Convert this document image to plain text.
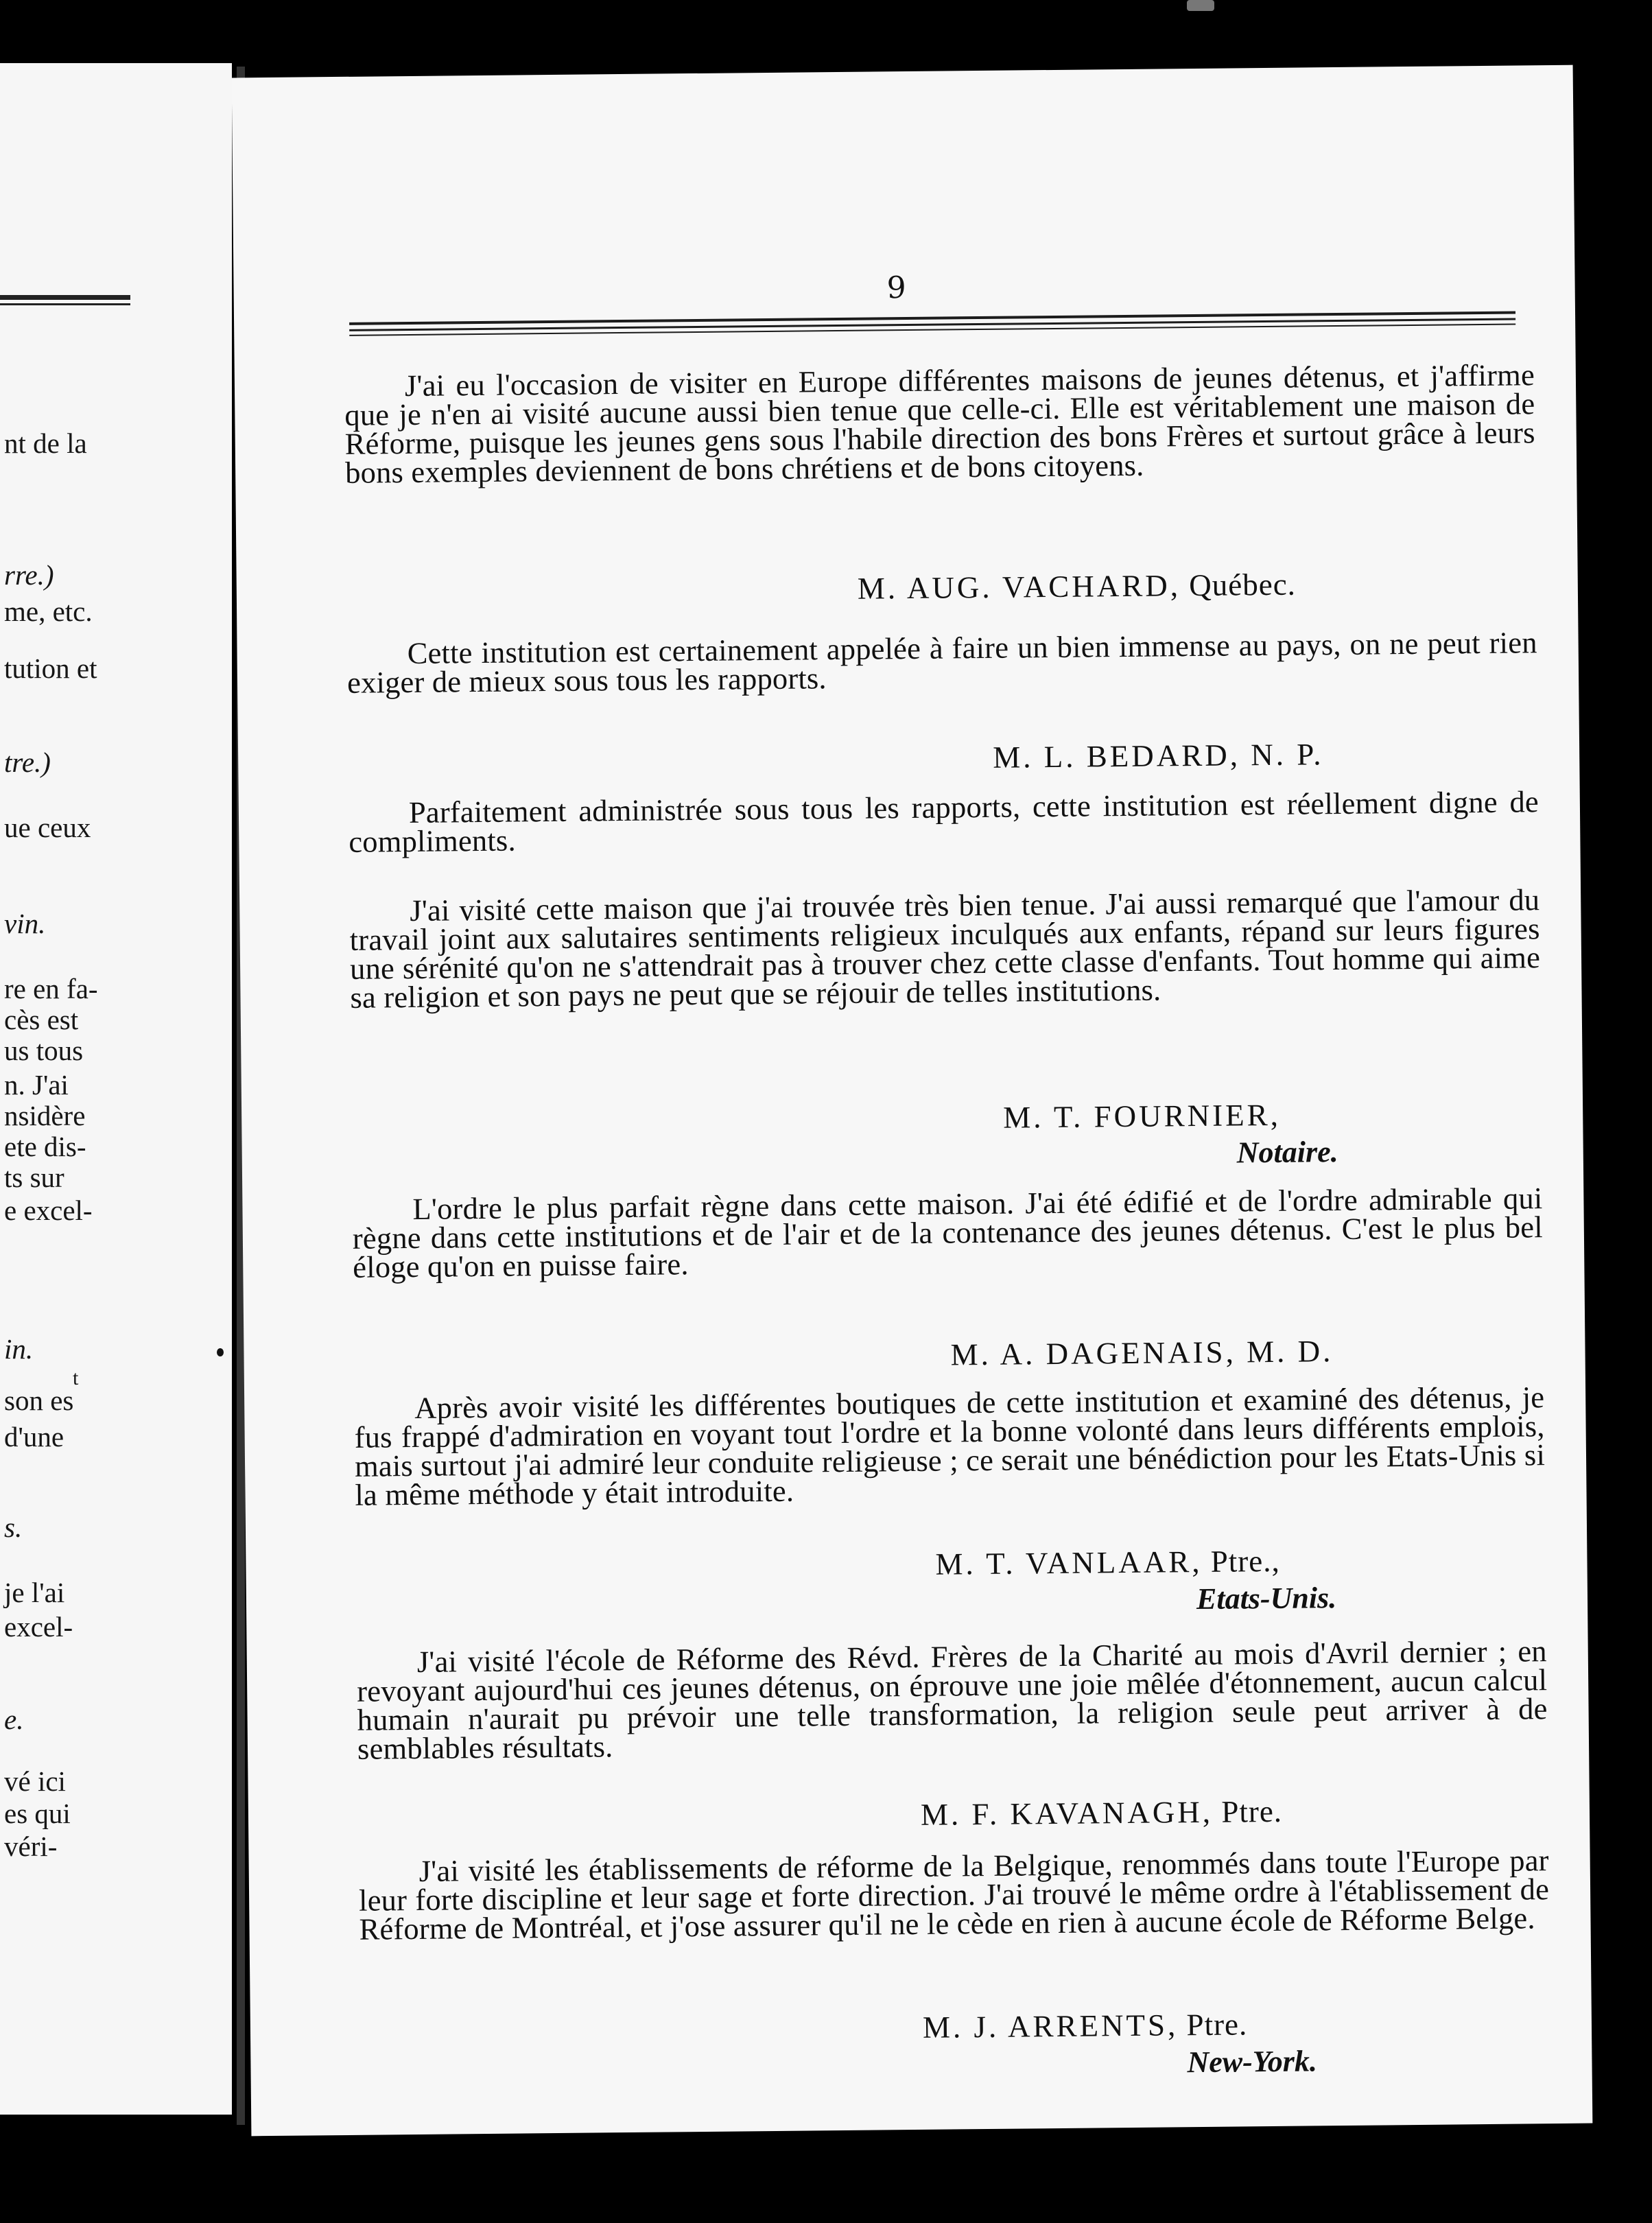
nt de la
rre.)
me, etc.
tution et
tre.)
ue ceux
vin.
re en fa-
cès est
us tous
n. J'ai
nsidère
ete dis-
ts sur
e excel-
in.
t
son es
d'une
s.
je l'ai
excel-
e.
vé ici
es qui
véri-
9
J'ai eu l'occasion de visiter en Europe différentes maisons de jeunes détenus, et j'affirme que je n'en ai visité aucune aussi bien tenue que celle-ci. Elle est véritablement une maison de Réforme, puisque les jeunes gens sous l'habile direction des bons Frères et surtout grâce à leurs bons exemples deviennent de bons chrétiens et de bons citoyens.
M. AUG. VACHARD, Québec.
Cette institution est certainement appelée à faire un bien immense au pays, on ne peut rien exiger de mieux sous tous les rapports.
M. L. BEDARD, N. P.
Parfaitement administrée sous tous les rapports, cette institution est réellement digne de compliments.
J'ai visité cette maison que j'ai trouvée très bien tenue. J'ai aussi remarqué que l'amour du travail joint aux salutaires sentiments religieux inculqués aux enfants, répand sur leurs figures une sérénité qu'on ne s'attendrait pas à trouver chez cette classe d'enfants. Tout homme qui aime sa religion et son pays ne peut que se réjouir de telles institutions.
M. T. FOURNIER,
Notaire.
L'ordre le plus parfait règne dans cette maison. J'ai été édifié et de l'ordre admirable qui règne dans cette institutions et de l'air et de la contenance des jeunes détenus. C'est le plus bel éloge qu'on en puisse faire.
M. A. DAGENAIS, M. D.
Après avoir visité les différentes boutiques de cette institution et examiné des détenus, je fus frappé d'admiration en voyant tout l'ordre et la bonne volonté dans leurs différents emplois, mais surtout j'ai admiré leur conduite religieuse ; ce serait une bénédiction pour les Etats-Unis si la même méthode y était introduite.
M. T. VANLAAR, Ptre.,
Etats-Unis.
J'ai visité l'école de Réforme des Révd. Frères de la Charité au mois d'Avril dernier ; en revoyant aujourd'hui ces jeunes détenus, on éprouve une joie mêlée d'étonnement, aucun calcul humain n'aurait pu prévoir une telle transformation, la religion seule peut arriver à de semblables résultats.
M. F. KAVANAGH, Ptre.
J'ai visité les établissements de réforme de la Belgique, renommés dans toute l'Europe par leur forte discipline et leur sage et forte direction. J'ai trouvé le même ordre à l'établissement de Réforme de Montréal, et j'ose assurer qu'il ne le cède en rien à aucune école de Réforme Belge.
M. J. ARRENTS, Ptre.
New-York.
